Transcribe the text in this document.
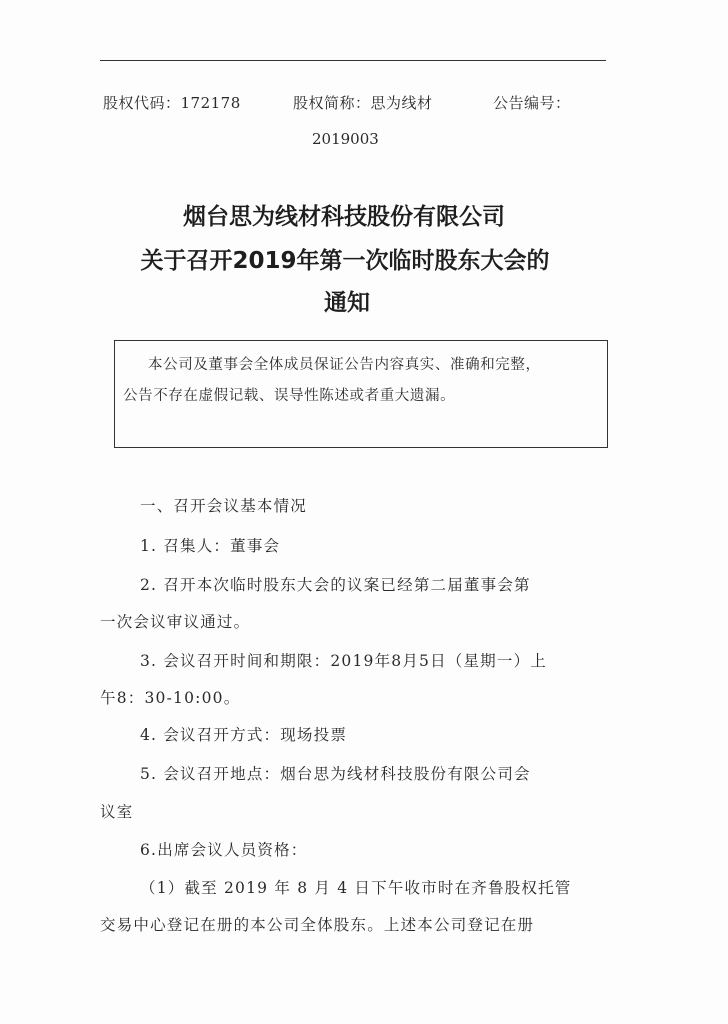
股权代码：172178	股权简称：思为线材	公告编号：
2019003
烟台思为线材科技股份有限公司
关于召开2019年第一次临时股东大会的
通知
本公司及董事会全体成员保证公告内容真实、准确和完整，
公告不存在虚假记载、误导性陈述或者重大遗漏。
一、召开会议基本情况
1. 召集人：董事会
2. 召开本次临时股东大会的议案已经第二届董事会第
一次会议审议通过。
3. 会议召开时间和期限：2019年8月5日（星期一）上
午8：30-10:00。
4. 会议召开方式：现场投票
5. 会议召开地点：烟台思为线材科技股份有限公司会
议室
6.出席会议人员资格：
（1）截至 2019 年 8 月 4 日下午收市时在齐鲁股权托管
交易中心登记在册的本公司全体股东。上述本公司登记在册
